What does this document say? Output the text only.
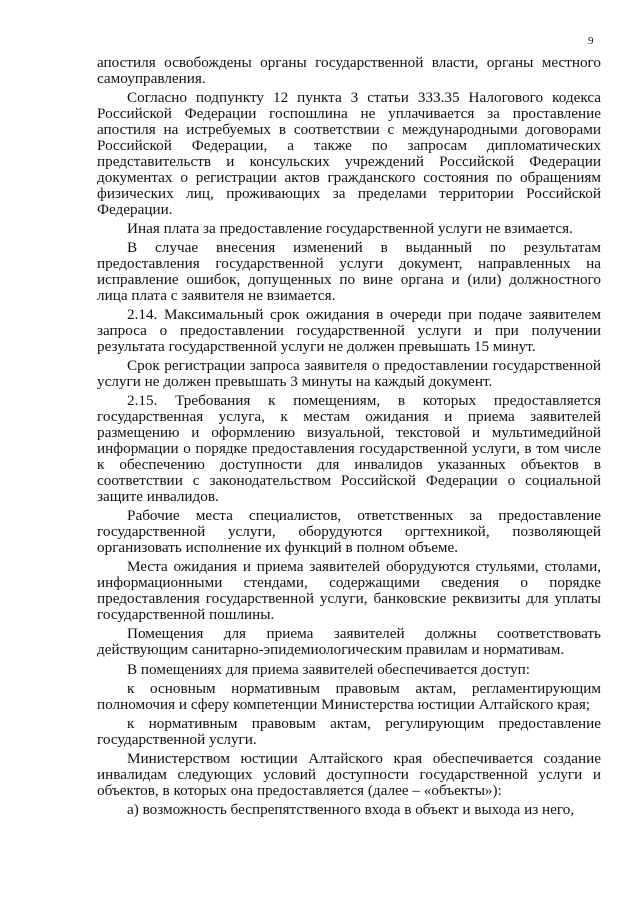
9

апостиля освобождены органы государственной власти, органы местного самоуправления.

Согласно подпункту 12 пункта 3 статьи 333.35 Налогового кодекса Российской Федерации госпошлина не уплачивается за проставление апостиля на истребуемых в соответствии с международными договорами Российской Федерации, а также по запросам дипломатических представительств и консульских учреждений Российской Федерации документах о регистрации актов гражданского состояния по обращениям физических лиц, проживающих за пределами территории Российской Федерации.

Иная плата за предоставление государственной услуги не взимается.

В случае внесения изменений в выданный по результатам предоставления государственной услуги документ, направленных на исправление ошибок, допущенных по вине органа и (или) должностного лица плата с заявителя не взимается.

2.14. Максимальный срок ожидания в очереди при подаче заявителем запроса о предоставлении государственной услуги и при получении результата государственной услуги не должен превышать 15 минут.

Срок регистрации запроса заявителя о предоставлении государственной услуги не должен превышать 3 минуты на каждый документ.

2.15. Требования к помещениям, в которых предоставляется государственная услуга, к местам ожидания и приема заявителей размещению и оформлению визуальной, текстовой и мультимедийной информации о порядке предоставления государственной услуги, в том числе к обеспечению доступности для инвалидов указанных объектов в соответствии с законодательством Российской Федерации о социальной защите инвалидов.

Рабочие места специалистов, ответственных за предоставление государственной услуги, оборудуются оргтехникой, позволяющей организовать исполнение их функций в полном объеме.

Места ожидания и приема заявителей оборудуются стульями, столами, информационными стендами, содержащими сведения о порядке предоставления государственной услуги, банковские реквизиты для уплаты государственной пошлины.

Помещения для приема заявителей должны соответствовать действующим санитарно-эпидемиологическим правилам и нормативам.

В помещениях для приема заявителей обеспечивается доступ:

к основным нормативным правовым актам, регламентирующим полномочия и сферу компетенции Министерства юстиции Алтайского края;

к нормативным правовым актам, регулирующим предоставление государственной услуги.

Министерством юстиции Алтайского края обеспечивается создание инвалидам следующих условий доступности государственной услуги и объектов, в которых она предоставляется (далее – «объекты»):

а) возможность беспрепятственного входа в объект и выхода из него,
